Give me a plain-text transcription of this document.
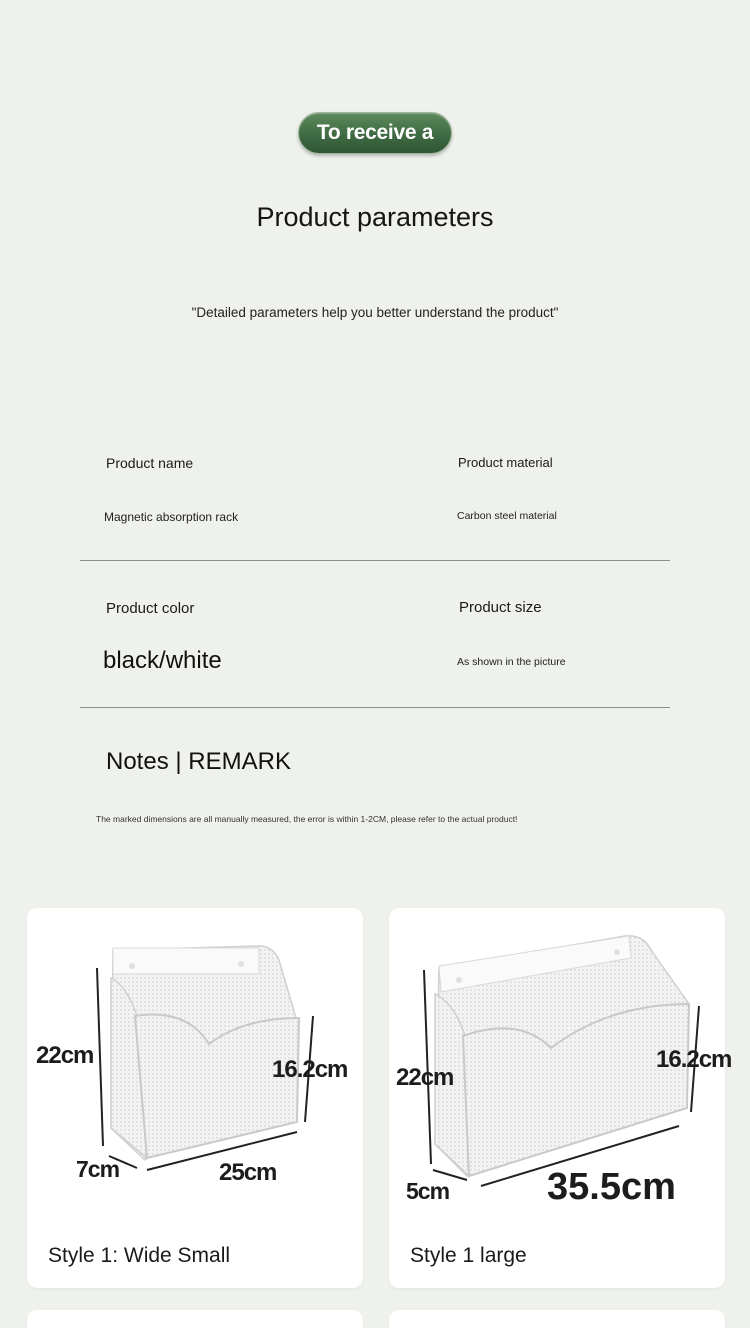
To receive a
Product parameters
"Detailed parameters help you better understand the product"
Product name	Product material
Magnetic absorption rack	Carbon steel material
Product color	Product size
black/white	As shown in the picture
Notes | REMARK
The marked dimensions are all manually measured, the error is within 1-2CM, please refer to the actual product!
22cm
16.2cm
7cm	25cm
Style 1: Wide Small
22cm
16.2cm
5cm	35.5cm
Style 1 large
